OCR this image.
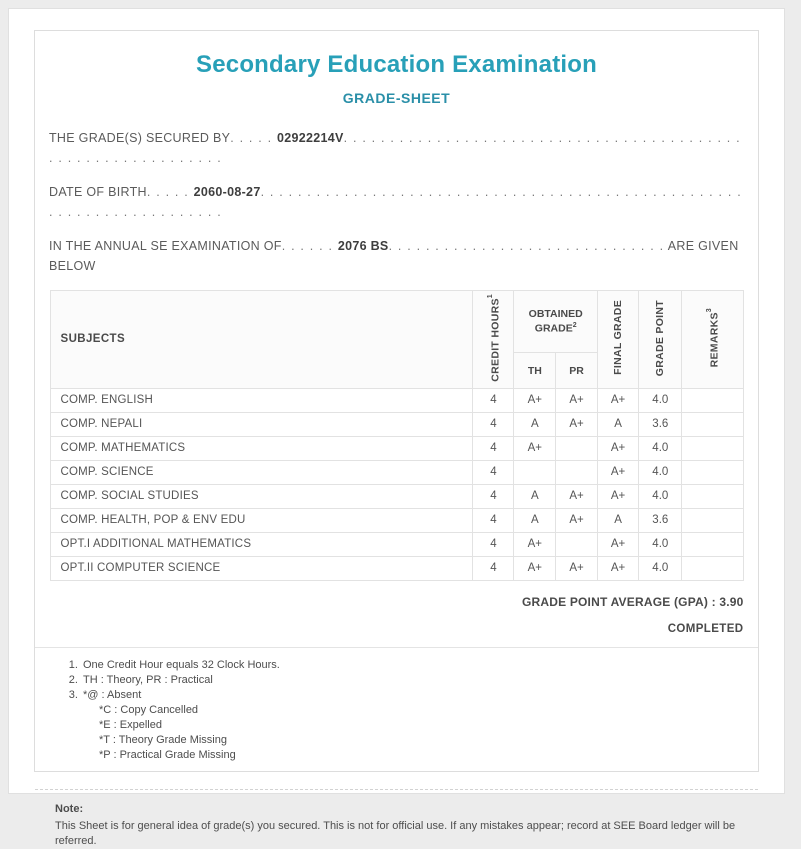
Secondary Education Examination
GRADE-SHEET
THE GRADE(S) SECURED BY. . . . . 02922214V. . . . . . . . . . . . . . . . . . . . . . . . . . . . . . . . . . . . . . . . . . . . . . . . . . . . . . . . . . . . . .
DATE OF BIRTH. . . . . 2060-08-27. . . . . . . . . . . . . . . . . . . . . . . . . . . . . . . . . . . . . . . . . . . . . . . . . . . . . . . . . . . . . . . . . . . . . . .
IN THE ANNUAL SE EXAMINATION OF. . . . . . 2076 BS. . . . . . . . . . . . . . . . . . . . . . . . . . . . . . ARE GIVEN BELOW
SUBJECTS	CREDIT HOURS$^1$	OBTAINED GRADE$^2$		FINAL GRADE	GRADE POINT	REMARKS$^3$
		TH	PR			
COMP. ENGLISH	4	A+	A+	A+	4.0	
COMP. NEPALI	4	A	A+	A	3.6	
COMP. MATHEMATICS	4	A+		A+	4.0	
COMP. SCIENCE	4			A+	4.0	
COMP. SOCIAL STUDIES	4	A	A+	A+	4.0	
COMP. HEALTH, POP & ENV EDU	4	A	A+	A	3.6	
OPT.I ADDITIONAL MATHEMATICS	4	A+		A+	4.0	
OPT.II COMPUTER SCIENCE	4	A+	A+	A+	4.0	
GRADE POINT AVERAGE (GPA) : 3.90
COMPLETED
1. One Credit Hour equals 32 Clock Hours.
2. TH : Theory, PR : Practical
3. *@ : Absent
*C : Copy Cancelled
*E : Expelled
*T : Theory Grade Missing
*P : Practical Grade Missing
Note:
This Sheet is for general idea of grade(s) you secured. This is not for official use. If any mistakes appear; record at SEE Board ledger will be referred.
